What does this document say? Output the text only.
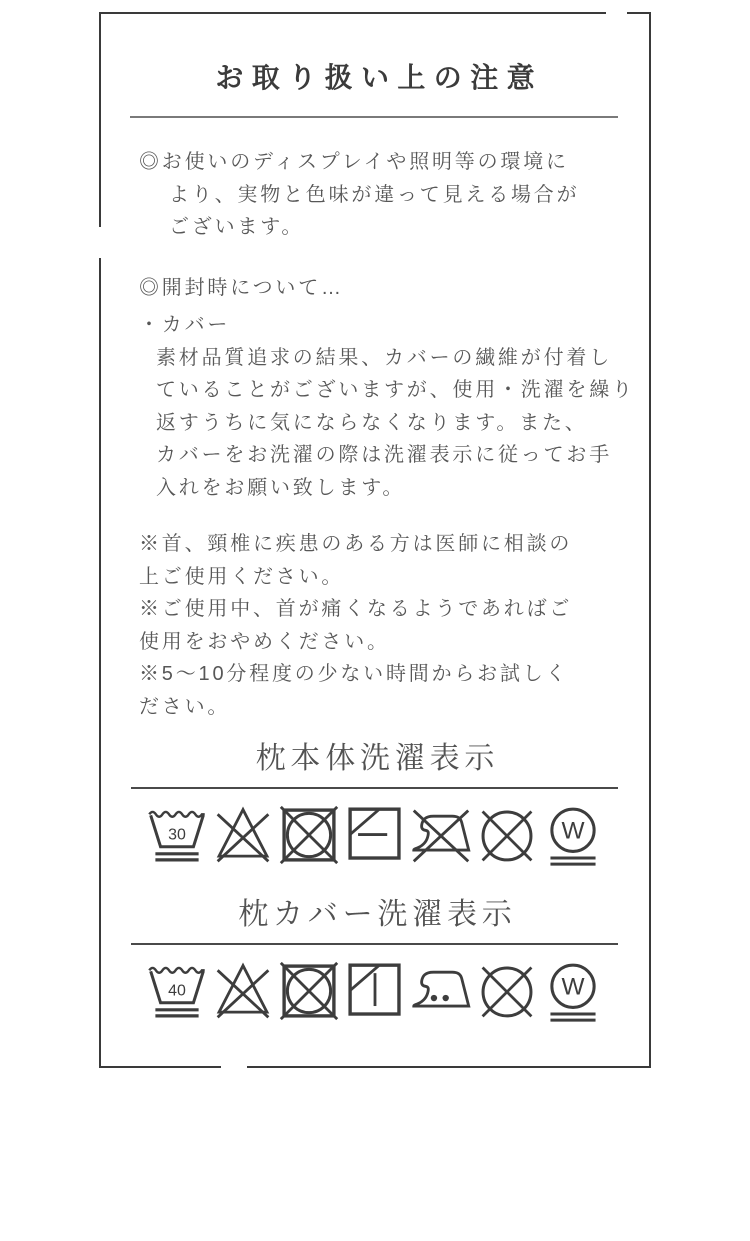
お取り扱い上の注意
◎お使いのディスプレイや照明等の環境に
より、実物と色味が違って見える場合が
ございます。
◎開封時について…
・カバー
素材品質追求の結果、カバーの繊維が付着し
ていることがございますが、使用・洗濯を繰り
返すうちに気にならなくなります。また、
カバーをお洗濯の際は洗濯表示に従ってお手
入れをお願い致します。
※首、頸椎に疾患のある方は医師に相談の
上ご使用ください。
※ご使用中、首が痛くなるようであればご
使用をおやめください。
※5〜10分程度の少ない時間からお試しく
ださい。
枕本体洗濯表示
30	W
枕カバー洗濯表示
40	W
